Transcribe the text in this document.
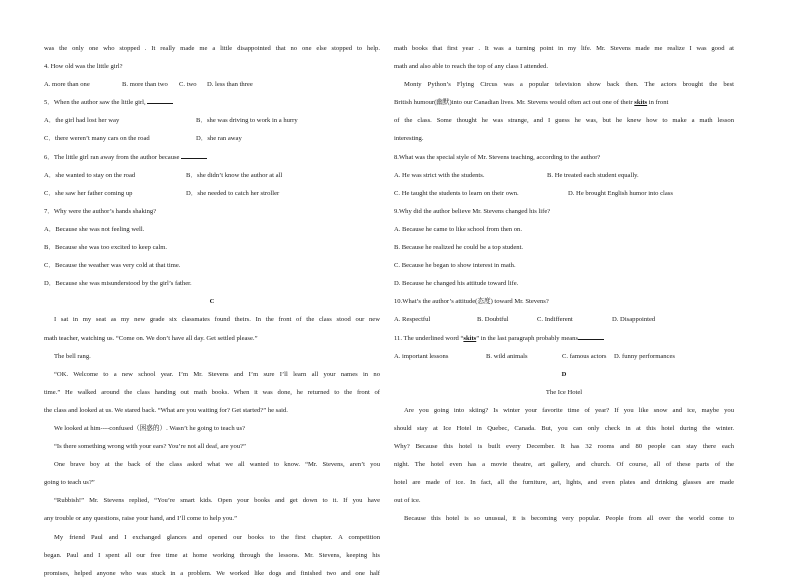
was the only one who stopped . It really made me a little disappointed that no one else stopped to help.
4. How old was the little girl?
A. more than one	B. more than two	C. two	D. less than three
5．When the author saw the little girl,
A．the girl had lost her way	B．she was driving to work in a hurry
C．there weren’t many cars on the road	D．she ran away
6．The little girl ran away from the author because
A．she wanted to stay on the road	B．she didn’t know the author at all
C．she saw her father coming up	D．she needed to catch her stroller
7．Why were the author’s hands shaking?
A．Because she was not feeling well.
B．Because she was too excited to keep calm.
C．Because the weather was very cold at that time.
D．Because she was misunderstood by the girl’s father.
C
I sat in my seat as my new grade six classmates found theirs. In the front of the class stood our new
math teacher, watching us. “Come on. We don’t have all day. Get settled please.”
The bell rang.
“OK. Welcome to a new school year. I’m Mr. Stevens and I’m sure I’ll learn all your names in no
time.” He walked around the class handing out math books. When it was done, he returned to the front of
the class and looked at us. We stared back. “What are you waiting for? Get started?” he said.
We looked at him----confused（困惑的）. Wasn’t he going to teach us?
“Is there something wrong with your ears? You’re not all deaf, are you?”
One brave boy at the back of the class asked what we all wanted to know. “Mr. Stevens, aren’t you
going to teach us?”
“Rubbish!” Mr. Stevens replied, “You’re smart kids. Open your books and get down to it. If you have
any trouble or any questions, raise your hand, and I’ll come to help you.”
My friend Paul and I exchanged glances and opened our books to the first chapter. A competition
began. Paul and I spent all our free time at home working through the lessons. Mr. Stevens, keeping his
promises, helped anyone who was stuck in a problem. We worked like dogs and finished two and one half
math books that first year . It was a turning point in my life. Mr. Stevens made me realize I was good at
math and also able to reach the top of any class I attended.
Monty Python’s Flying Circus was a popular television show back then. The actors brought the best
British humour(幽默)into our Canadian lives. Mr. Stevens would often act out one of their skits in front
of the class. Some thought he was strange, and I guess he was, but he knew how to make a math lesson
interesting.
8.What was the special style of Mr. Stevens teaching, according to the author?
A. He was strict with the students.	B. He treated each student equally.
C. He taught the students to learn on their own.	D. He brought English humor into class
9.Why did the author believe Mr. Stevens changed his life?
A. Because he came to like school from then on.
B. Because he realized he could be a top student.
C. Because he began to show interest in math.
D. Because he changed his attitude toward life.
10.What’s the author’s attitude(态度) toward Mr. Stevens?
A. Respectful	B. Doubtful	C. Indifferent	D. Disappointed
11. The underlined word “skits” in the last paragraph probably means
A. important lessons	B. wild animals	C. famous actors	D. funny performances
D
The Ice Hotel
Are you going into skiing? Is winter your favorite time of year? If you like snow and ice, maybe you
should stay at Ice Hotel in Quebec, Canada. But, you can only check in at this hotel during the winter.
Why? Because this hotel is built every December. It has 32 rooms and 80 people can stay there each
night. The hotel even has a movie theatre, art gallery, and church. Of course, all of these parts of the
hotel are made of ice. In fact, all the furniture, art, lights, and even plates and drinking glasses are made
out of ice.
Because this hotel is so unusual, it is becoming very popular. People from all over the world come to
